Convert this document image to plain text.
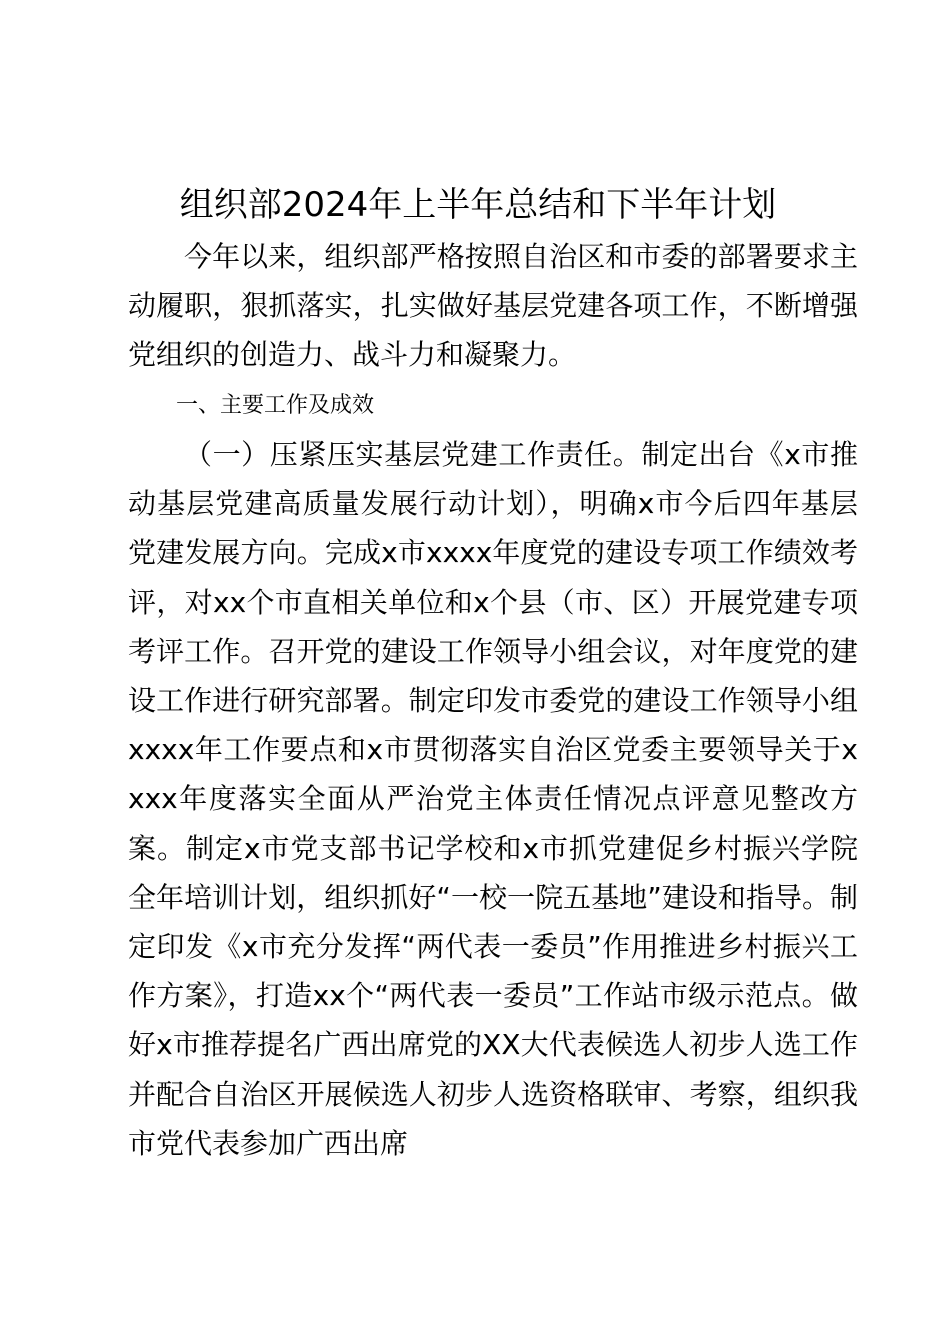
组织部2024年上半年总结和下半年计划

今年以来，组织部严格按照自治区和市委的部署要求主动履职，狠抓落实，扎实做好基层党建各项工作，不断增强党组织的创造力、战斗力和凝聚力。

一、主要工作及成效

（一）压紧压实基层党建工作责任。制定出台《x市推动基层党建高质量发展行动计划），明确x市今后四年基层党建发展方向。完成x市xxxx年度党的建设专项工作绩效考评，对xx个市直相关单位和x个县（市、区）开展党建专项考评工作。召开党的建设工作领导小组会议，对年度党的建设工作进行研究部署。制定印发市委党的建设工作领导小组xxxx年工作要点和x市贯彻落实自治区党委主要领导关于xxxx年度落实全面从严治党主体责任情况点评意见整改方案。制定x市党支部书记学校和x市抓党建促乡村振兴学院全年培训计划，组织抓好“一校一院五基地”建设和指导。制定印发《x市充分发挥“两代表一委员”作用推进乡村振兴工作方案》，打造xx个“两代表一委员”工作站市级示范点。做好x市推荐提名广西出席党的XX大代表候选人初步人选工作并配合自治区开展候选人初步人选资格联审、考察，组织我市党代表参加广西出席
